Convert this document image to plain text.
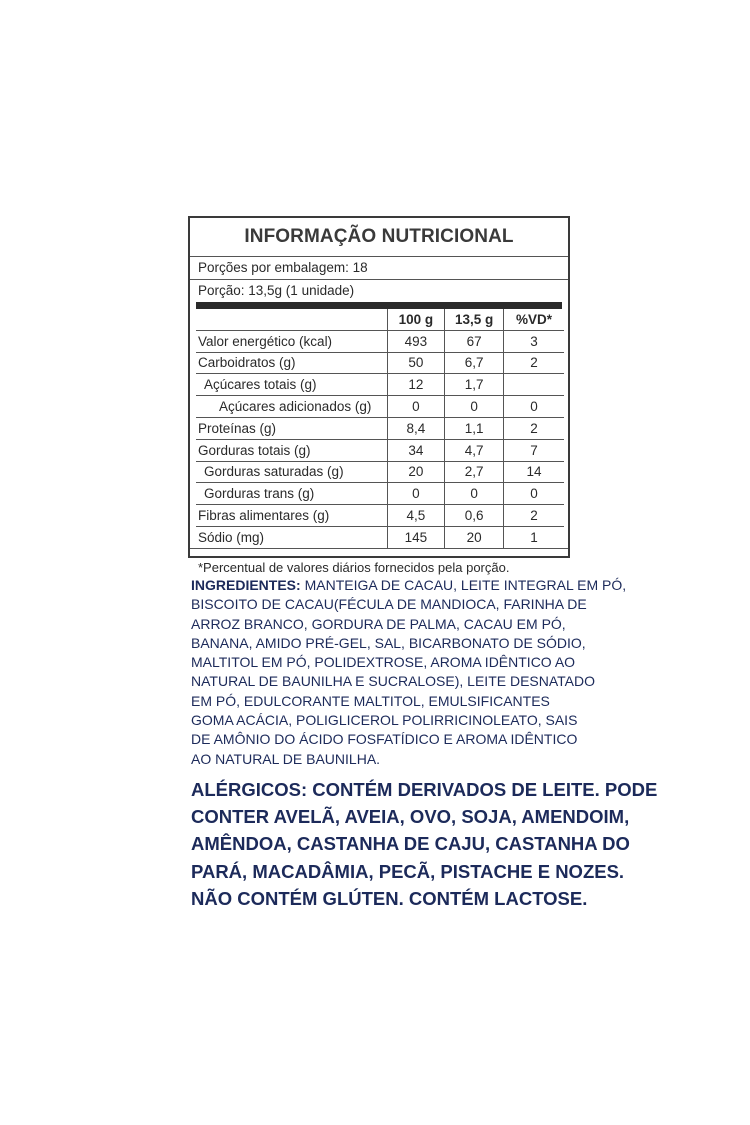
INFORMAÇÃO NUTRICIONAL
Porções por embalagem: 18
Porção: 13,5g (1 unidade)
	100 g	13,5 g	%VD*
Valor energético (kcal)	493	67	3
Carboidratos (g)	50	6,7	2
Açúcares totais (g)	12	1,7	
Açúcares adicionados (g)	0	0	0
Proteínas (g)	8,4	1,1	2
Gorduras totais (g)	34	4,7	7
Gorduras saturadas (g)	20	2,7	14
Gorduras trans (g)	0	0	0
Fibras alimentares (g)	4,5	0,6	2
Sódio (mg)	145	20	1
*Percentual de valores diários fornecidos pela porção.
INGREDIENTES: MANTEIGA DE CACAU, LEITE INTEGRAL EM PÓ,
BISCOITO DE CACAU(FÉCULA DE MANDIOCA, FARINHA DE
ARROZ BRANCO, GORDURA DE PALMA, CACAU EM PÓ,
BANANA, AMIDO PRÉ-GEL, SAL, BICARBONATO DE SÓDIO,
MALTITOL EM PÓ, POLIDEXTROSE, AROMA IDÊNTICO AO
NATURAL DE BAUNILHA E SUCRALOSE), LEITE DESNATADO
EM PÓ, EDULCORANTE MALTITOL, EMULSIFICANTES
GOMA ACÁCIA, POLIGLICEROL POLIRRICINOLEATO, SAIS
DE AMÔNIO DO ÁCIDO FOSFATÍDICO E AROMA IDÊNTICO
AO NATURAL DE BAUNILHA.
ALÉRGICOS: CONTÉM DERIVADOS DE LEITE. PODE
CONTER AVELÃ, AVEIA, OVO, SOJA, AMENDOIM,
AMÊNDOA, CASTANHA DE CAJU, CASTANHA DO
PARÁ, MACADÂMIA, PECÃ, PISTACHE E NOZES.
NÃO CONTÉM GLÚTEN. CONTÉM LACTOSE.
